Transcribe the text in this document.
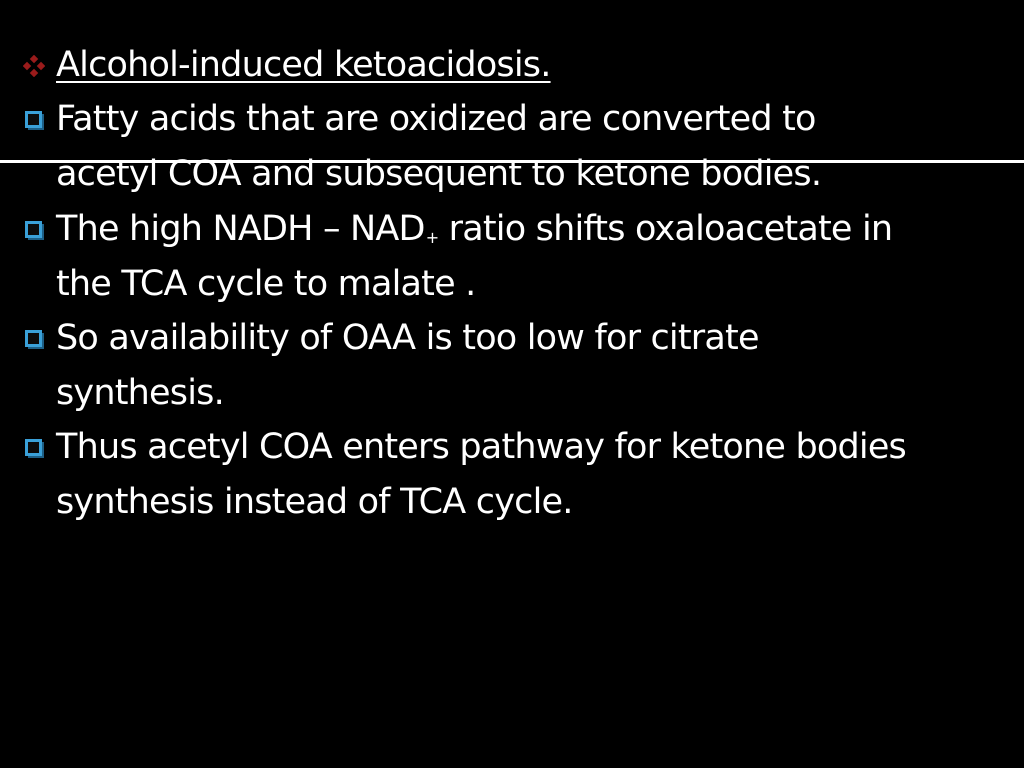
Alcohol-induced ketoacidosis.
Fatty acids that are oxidized are converted to
acetyl COA and subsequent to ketone bodies.
The high NADH – NAD+ ratio shifts oxaloacetate in
the TCA cycle to malate .
So availability of OAA is too low for citrate
synthesis.
Thus acetyl COA enters pathway for ketone bodies
synthesis instead of TCA cycle.
